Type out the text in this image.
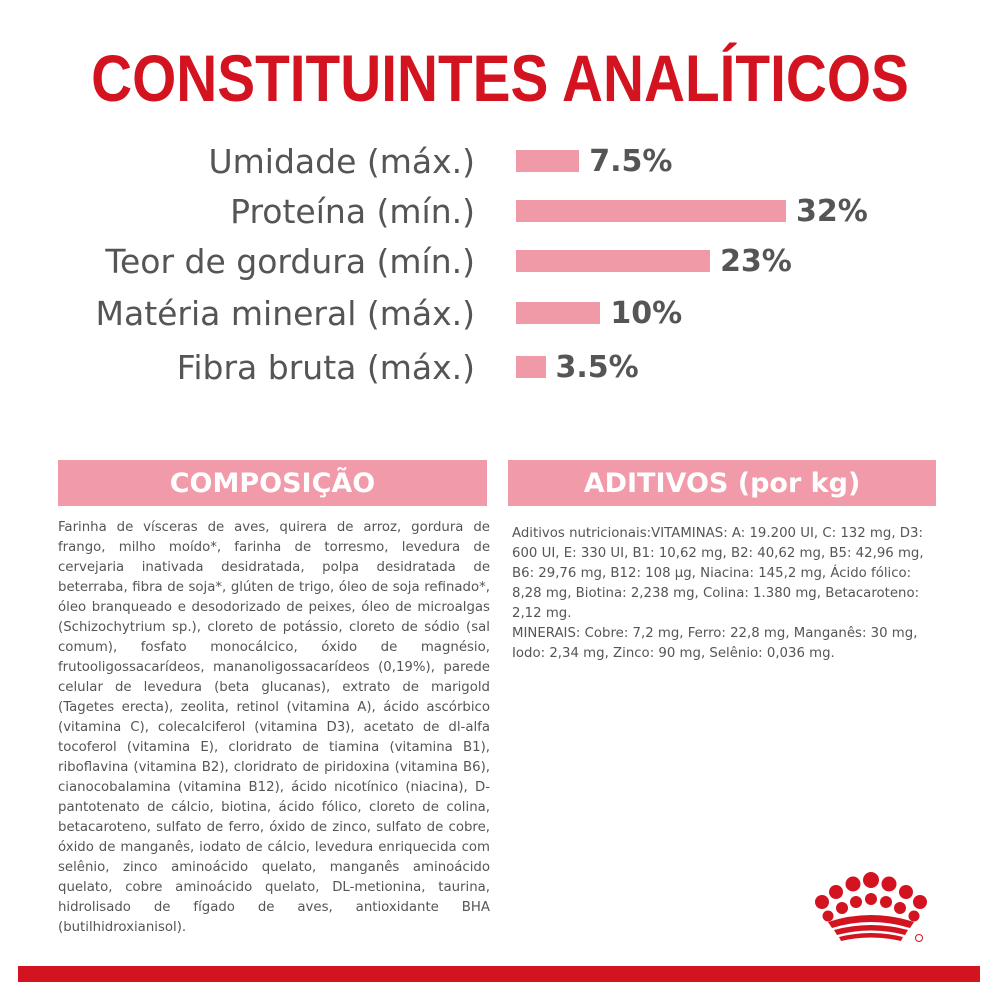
CONSTITUINTES ANALÍTICOS
Umidade (máx.)	7.5%
Proteína (mín.)	32%
Teor de gordura (mín.)	23%
Matéria mineral (máx.)	10%
Fibra bruta (máx.)	3.5%
COMPOSIÇÃO
Farinha de vísceras de aves, quirera de arroz, gordura de frango, milho moído*, farinha de torresmo, levedura de cervejaria inativada desidratada, polpa desidratada de beterraba, fibra de soja*, glúten de trigo, óleo de soja refinado*, óleo branqueado e desodorizado de peixes, óleo de microalgas (Schizochytrium sp.), cloreto de potássio, cloreto de sódio (sal comum), fosfato monocálcico, óxido de magnésio, frutooligossacarídeos, mananoligossacarídeos (0,19%), parede celular de levedura (beta glucanas), extrato de marigold (Tagetes erecta), zeolita, retinol (vitamina A), ácido ascórbico (vitamina C), colecalciferol (vitamina D3), acetato de dl-alfa tocoferol (vitamina E), cloridrato de tiamina (vitamina B1), riboflavina (vitamina B2), cloridrato de piridoxina (vitamina B6), cianocobalamina (vitamina B12), ácido nicotínico (niacina), D-pantotenato de cálcio, biotina, ácido fólico, cloreto de colina, betacaroteno, sulfato de ferro, óxido de zinco, sulfato de cobre, óxido de manganês, iodato de cálcio, levedura enriquecida com selênio, zinco aminoácido quelato, manganês aminoácido quelato, cobre aminoácido quelato, DL-metionina, taurina, hidrolisado de fígado de aves, antioxidante BHA (butilhidroxianisol).
ADITIVOS (por kg)

Aditivos nutricionais:VITAMINAS: A: 19.200 UI, C: 132 mg, D3: 600 UI, E: 330 UI, B1: 10,62 mg, B2: 40,62 mg, B5: 42,96 mg, B6: 29,76 mg, B12: 108 µg, Niacina: 145,2 mg, Ácido fólico: 8,28 mg, Biotina: 2,238 mg, Colina: 1.380 mg, Betacaroteno: 2,12 mg.

MINERAIS: Cobre: 7,2 mg, Ferro: 22,8 mg, Manganês: 30 mg, Iodo: 2,34 mg, Zinco: 90 mg, Selênio: 0,036 mg.
